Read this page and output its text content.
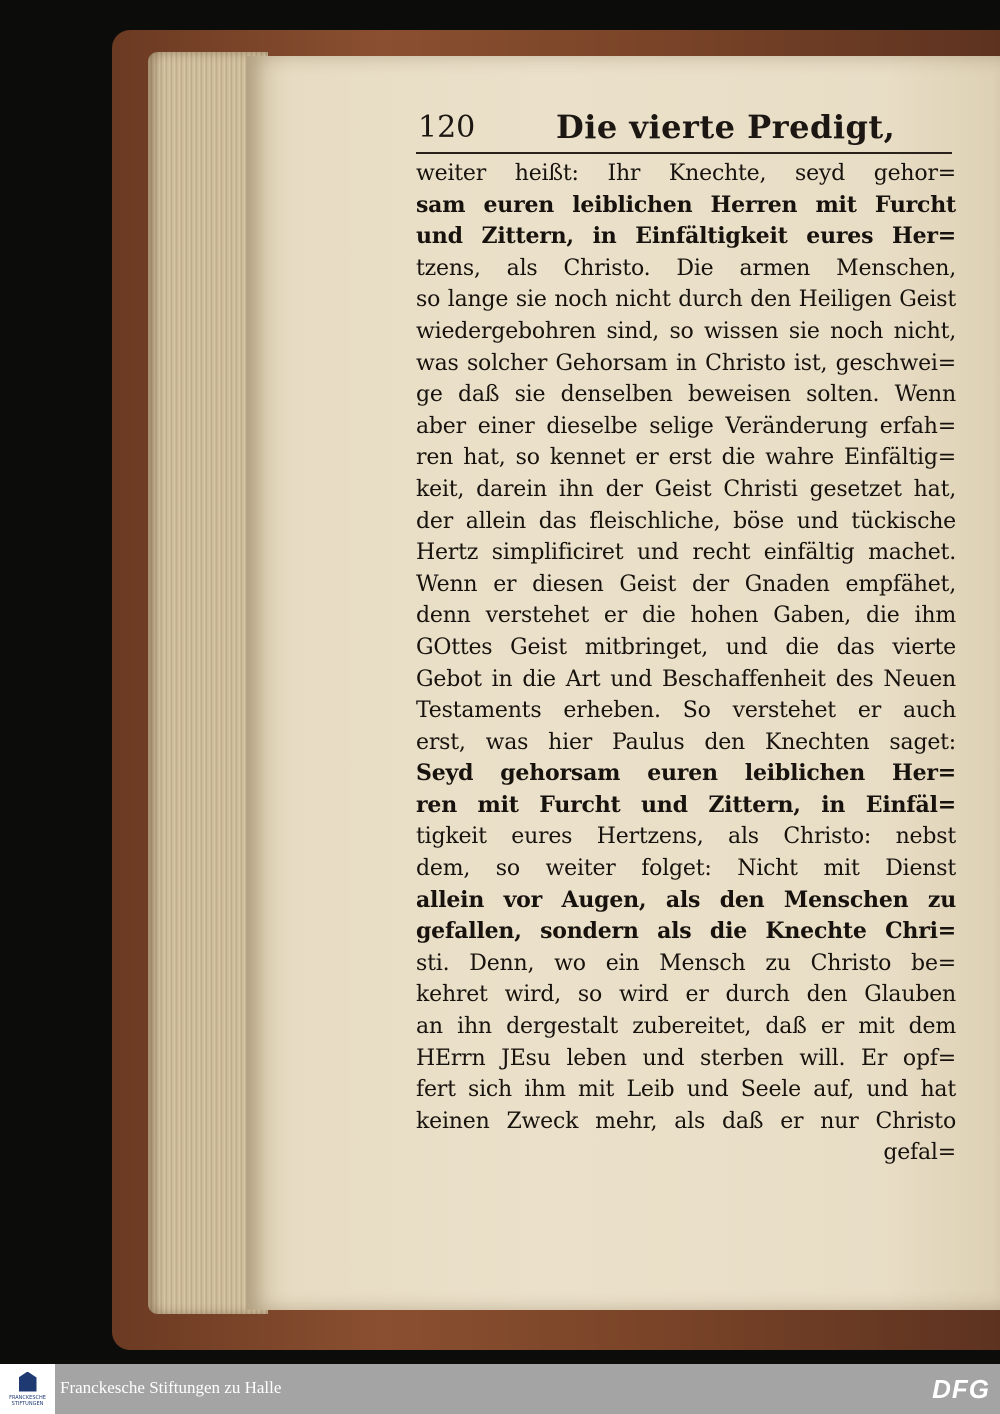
120	Die vierte Predigt,
weiter heißt: Ihr Knechte, seyd gehor=
sam euren leiblichen Herren mit Furcht
und Zittern, in Einfältigkeit eures Her=
tzens, als Christo. Die armen Menschen,
so lange sie noch nicht durch den Heiligen Geist
wiedergebohren sind, so wissen sie noch nicht,
was solcher Gehorsam in Christo ist, geschwei=
ge daß sie denselben beweisen solten. Wenn
aber einer dieselbe selige Veränderung erfah=
ren hat, so kennet er erst die wahre Einfältig=
keit, darein ihn der Geist Christi gesetzet hat,
der allein das fleischliche, böse und tückische
Hertz simplificiret und recht einfältig machet.
Wenn er diesen Geist der Gnaden empfähet,
denn verstehet er die hohen Gaben, die ihm
GOttes Geist mitbringet, und die das vierte
Gebot in die Art und Beschaffenheit des Neuen
Testaments erheben. So verstehet er auch
erst, was hier Paulus den Knechten saget:
Seyd gehorsam euren leiblichen Her=
ren mit Furcht und Zittern, in Einfäl=
tigkeit eures Hertzens, als Christo: nebst
dem, so weiter folget: Nicht mit Dienst
allein vor Augen, als den Menschen zu
gefallen, sondern als die Knechte Chri=
sti. Denn, wo ein Mensch zu Christo be=
kehret wird, so wird er durch den Glauben
an ihn dergestalt zubereitet, daß er mit dem
HErrn JEsu leben und sterben will. Er opf=
fert sich ihm mit Leib und Seele auf, und hat
keinen Zweck mehr, als daß er nur Christo
gefal=
FRANCKESCHE STIFTUNGEN
Franckesche Stiftungen zu Halle	DFG
